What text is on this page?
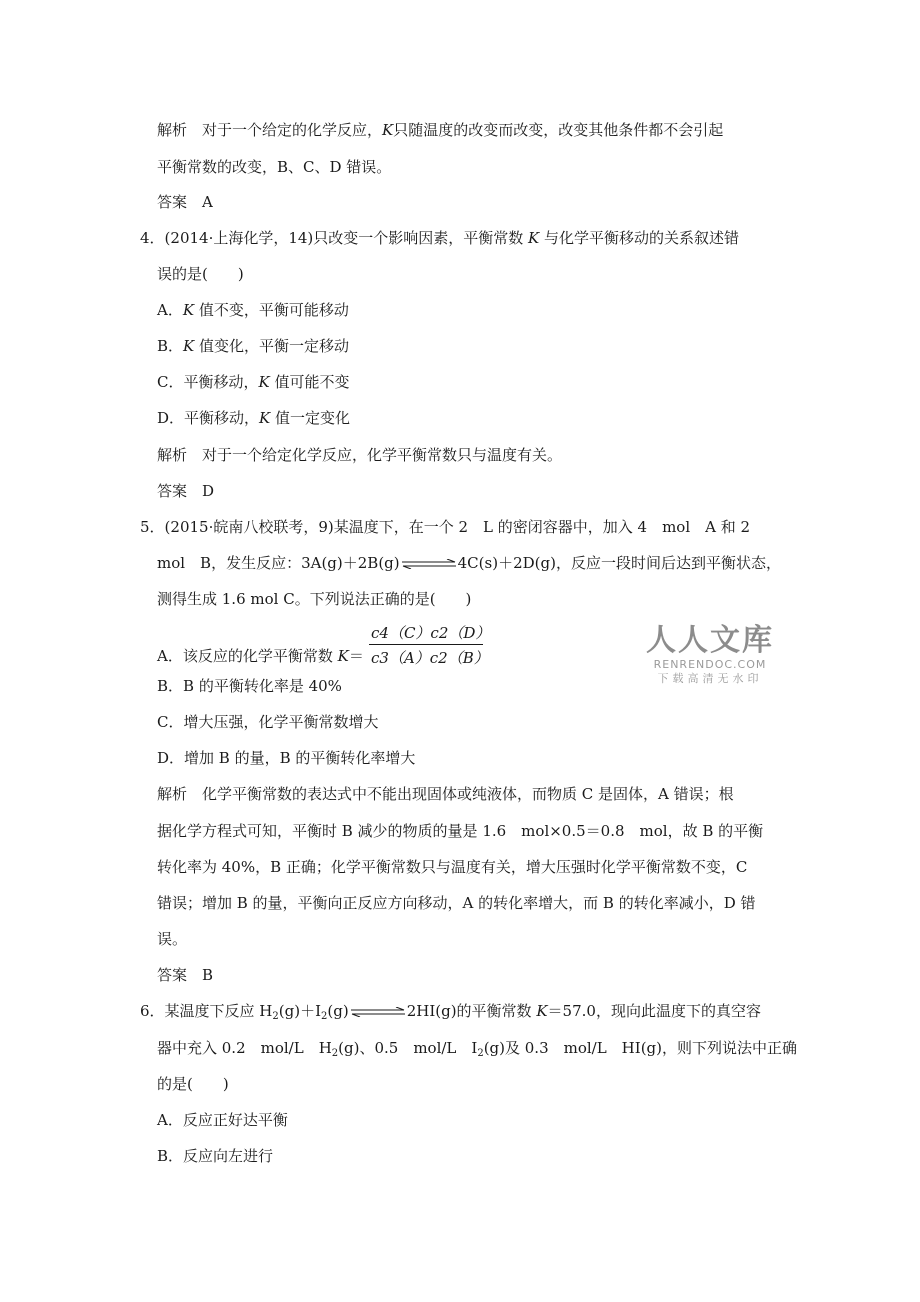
解析　 对于一个给定的化学反应，K只随温度的改变而改变，改变其他条件都不会引起
平衡常数的改变，B、C、D 错误。
答案　 A
4．(2014·上海化学，14)只改变一个影响因素，平衡常数 K 与化学平衡移动的关系叙述错
误的是(　　)
A．K 值不变，平衡可能移动
B．K 值变化，平衡一定移动
C．平衡移动，K 值可能不变
D．平衡移动，K 值一定变化
解析　 对于一个给定化学反应，化学平衡常数只与温度有关。
答案　 D
5．(2015·皖南八校联考，9)某温度下，在一个 2　L 的密闭容器中，加入 4　mol　A 和 2
mol　B，发生反应：3A(g)＋2B(g)⇌4C(s)＋2D(g)，反应一段时间后达到平衡状态，
测得生成 1.6 mol C。下列说法正确的是(　　)
A．该反应的化学平衡常数 K＝
c4（C）c2（D）
c3（A）c2（B）
B．B 的平衡转化率是 40%
C．增大压强，化学平衡常数增大
D．增加 B 的量，B 的平衡转化率增大
解析　 化学平衡常数的表达式中不能出现固体或纯液体，而物质 C 是固体，A 错误；根
据化学方程式可知，平衡时 B 减少的物质的量是 1.6　mol×0.5＝0.8　mol，故 B 的平衡
转化率为 40%，B 正确；化学平衡常数只与温度有关，增大压强时化学平衡常数不变，C
错误；增加 B 的量，平衡向正反应方向移动，A 的转化率增大，而 B 的转化率减小，D 错
误。
答案　 B
6．某温度下反应 $H_2(g)+I_2(g)\rightleftharpoons 2HI(g)$的平衡常数 K＝57.0，现向此温度下的真空容
器中充入 0.2　mol/L　$H_2(g)$、0.5　mol/L　$I_2(g)$及 0.3　mol/L　HI(g)，则下列说法中正确
的是(　　)
A．反应正好达平衡
B．反应向左进行
人人文库
RENRENDOC.COM
下载高清无水印
